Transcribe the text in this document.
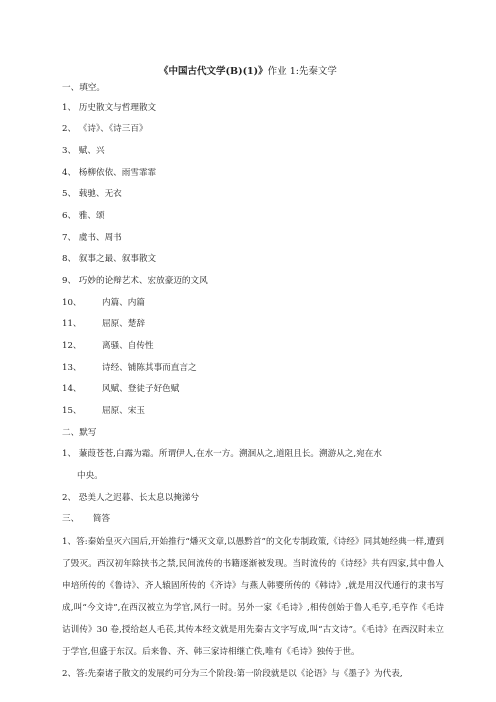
《中国古代文学(B)(1)》作业 1:先秦文学
一、填空。
1、 历史散文与哲理散文
2、 《诗》、《诗三百》
3、 赋、兴
4、 杨柳依依、雨雪霏霏
5、 载驰、无衣
6、 雅、颂
7、 虞书、周书
8、 叙事之最、叙事散文
9、 巧妙的论辩艺术、宏放豪迈的文风
10、 内篇、内篇
11、 屈原、楚辞
12、 离骚、自传性
13、 诗经、铺陈其事而直言之
14、 风赋、登徒子好色赋
15、 屈原、宋玉
二、默写
1、 蒹葭苍苍,白露为霜。所谓伊人,在水一方。溯洄从之,道阻且长。溯游从之,宛在水
中央。
2、 恐美人之迟暮、长太息以掩涕兮
三、     简答

1、答:秦始皇灭六国后,开始推行“燔灭文章,以愚黔首”的文化专制政策,《诗经》同其她经典一样,遭到了毁灭。西汉初年除挟书之禁,民间流传的书籍逐渐被发现。当时流传的《诗经》共有四家,其中鲁人申培所传的《鲁诗》、齐人辕固所传的《齐诗》与燕人韩婴所传的《韩诗》,就是用汉代通行的隶书写成,叫“今文诗”,在西汉被立为学官,风行一时。另外一家《毛诗》,相传创始于鲁人毛亨,毛亨作《毛诗诂训传》30 卷,授给赵人毛苌,其传本经文就是用先秦古文字写成,叫“古文诗”。《毛诗》在西汉时未立于学官,但盛于东汉。后来鲁、齐、韩三家诗相继亡佚,唯有《毛诗》独传于世。

2、答:先秦诸子散文的发展约可分为三个阶段:第一阶段就是以《论语》与《墨子》为代表,
